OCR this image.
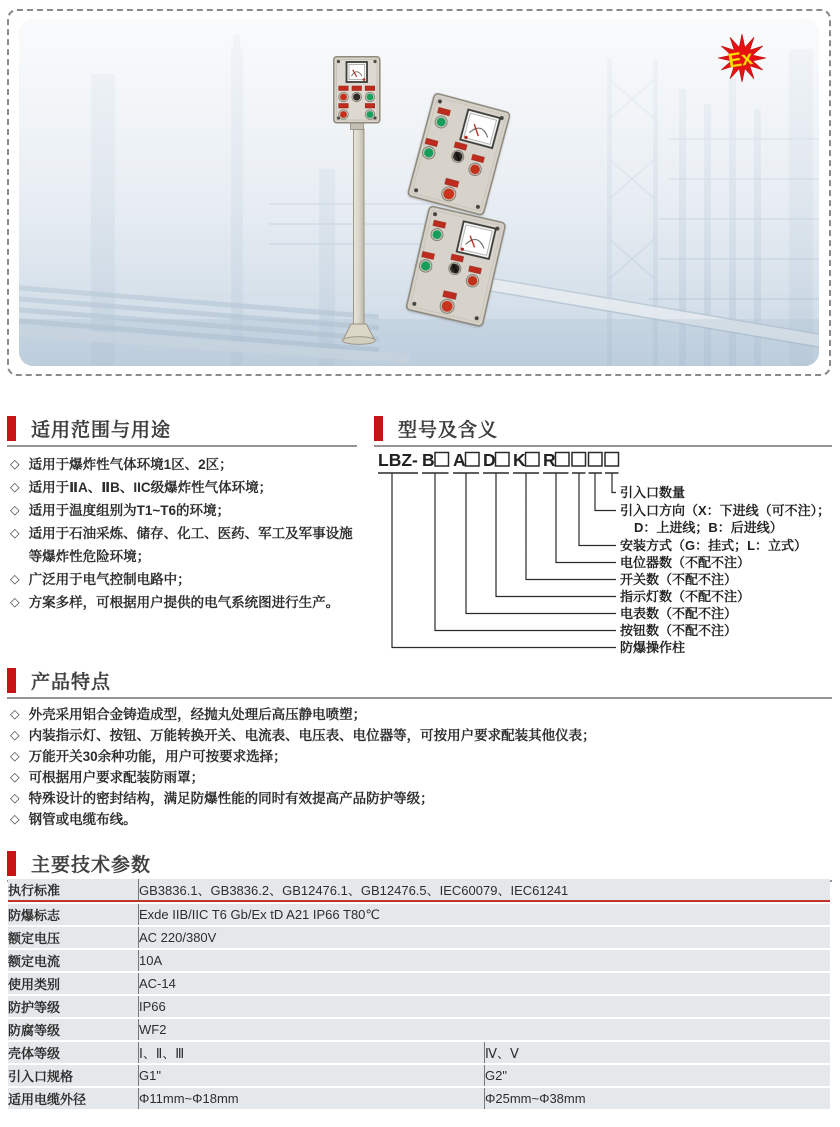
Ex
适用范围与用途
◇ 适用于爆炸性气体环境1区、2区；
◇ 适用于ⅡA、ⅡB、IIC级爆炸性气体环境；
◇ 适用于温度组别为T1~T6的环境；
◇ 适用于石油采炼、储存、化工、医药、军工及军事设施等爆炸性危险环境；
◇ 广泛用于电气控制电路中；
◇ 方案多样，可根据用户提供的电气系统图进行生产。
型号及含义
LBZ- B A D K R
引入口数量
引入口方向（X：下进线（可不注）；
D：上进线；B：后进线）
安装方式（G：挂式；L：立式）
电位器数（不配不注）
开关数（不配不注）
指示灯数（不配不注）
电表数（不配不注）
按钮数（不配不注）
防爆操作柱
产品特点
◇ 外壳采用铝合金铸造成型，经抛丸处理后高压静电喷塑；
◇ 内装指示灯、按钮、万能转换开关、电流表、电压表、电位器等，可按用户要求配装其他仪表；
◇ 万能开关30余种功能，用户可按要求选择；
◇ 可根据用户要求配装防雨罩；
◇ 特殊设计的密封结构，满足防爆性能的同时有效提高产品防护等级；
◇ 钢管或电缆布线。
主要技术参数
执行标准	GB3836.1、GB3836.2、GB12476.1、GB12476.5、IEC60079、IEC61241	
防爆标志	Exde IIB/IIC T6 Gb/Ex tD A21 IP66 T80℃	
额定电压	AC 220/380V	
额定电流	10A	
使用类别	AC-14	
防护等级	IP66	
防腐等级	WF2	
壳体等级	Ⅰ、Ⅱ、Ⅲ	Ⅳ、Ⅴ
引入口规格	G1"	G2"
适用电缆外径	Φ11mm~Φ18mm	Φ25mm~Φ38mm
